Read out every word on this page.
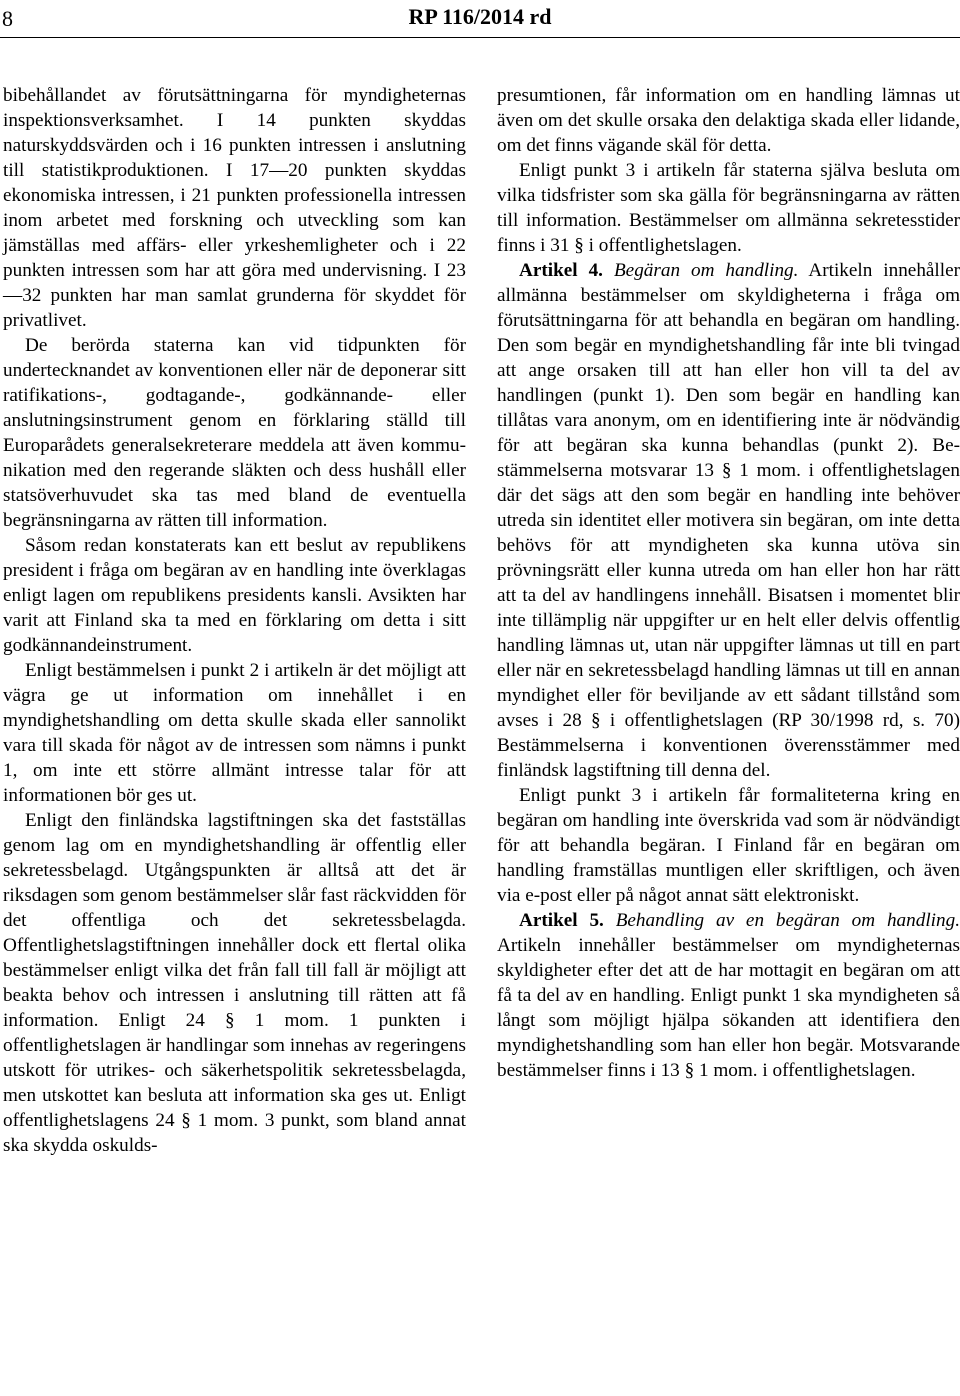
8	RP 116/2014 rd

bibehållandet av förutsättningarna för myndigheternas inspektionsverksamhet. I 14 punkten skyddas naturskyddsvärden och i 16 punkten intressen i anslutning till statistikproduktionen. I 17—20 punkten skyddas ekonomiska intressen, i 21 punkten professionella intressen inom arbetet med forskning och utveckling som kan jämställas med affärs- eller yrkeshemligheter och i 22 punkten intressen som har att göra med undervisning. I 23—32 punkten har man samlat grunderna för skyddet för privatlivet.

De berörda staterna kan vid tidpunkten för undertecknandet av konventionen eller när de deponerar sitt ratifikations-, godtagande-, godkännande- eller anslutningsinstrument genom en förklaring ställd till Europarådets generalsekreterare meddela att även kommunikation med den regerande släkten och dess hushåll eller statsöverhuvudet ska tas med bland de eventuella begränsningarna av rätten till information.

Såsom redan konstaterats kan ett beslut av republikens president i fråga om begäran av en handling inte överklagas enligt lagen om republikens presidents kansli. Avsikten har varit att Finland ska ta med en förklaring om detta i sitt godkännandeinstrument.

Enligt bestämmelsen i punkt 2 i artikeln är det möjligt att vägra ge ut information om innehållet i en myndighetshandling om detta skulle skada eller sannolikt vara till skada för något av de intressen som nämns i punkt 1, om inte ett större allmänt intresse talar för att informationen bör ges ut.

Enligt den finländska lagstiftningen ska det fastställas genom lag om en myndighetshandling är offentlig eller sekretessbelagd. Utgångspunkten är alltså att det är riksdagen som genom bestämmelser slår fast räckvidden för det offentliga och det sekretessbelagda. Offentlighetslagstiftningen innehåller dock ett flertal olika bestämmelser enligt vilka det från fall till fall är möjligt att beakta behov och intressen i anslutning till rätten att få information. Enligt 24 § 1 mom. 1 punkten i offentlighetslagen är handlingar som innehas av regeringens utskott för utrikes- och säkerhetspolitik sekretessbelagda, men utskottet kan besluta att information ska ges ut. Enligt offentlighetslagens 24 § 1 mom. 3 punkt, som bland annat ska skydda oskulds-

presumtionen, får information om en handling lämnas ut även om det skulle orsaka den delaktiga skada eller lidande, om det finns vägande skäl för detta.

Enligt punkt 3 i artikeln får staterna själva besluta om vilka tidsfrister som ska gälla för begränsningarna av rätten till information. Bestämmelser om allmänna sekretesstider finns i 31 § i offentlighetslagen.

Artikel 4. Begäran om handling. Artikeln innehåller allmänna bestämmelser om skyldigheterna i fråga om förutsättningarna för att behandla en begäran om handling. Den som begär en myndighetshandling får inte bli tvingad att ange orsaken till att han eller hon vill ta del av handlingen (punkt 1). Den som begär en handling kan tillåtas vara anonym, om en identifiering inte är nödvändig för att begäran ska kunna behandlas (punkt 2). Bestämmelserna motsvarar 13 § 1 mom. i offentlighetslagen där det sägs att den som begär en handling inte behöver utreda sin identitet eller motivera sin begäran, om inte detta behövs för att myndigheten ska kunna utöva sin prövningsrätt eller kunna utreda om han eller hon har rätt att ta del av handlingens innehåll. Bisatsen i momentet blir inte tillämplig när uppgifter ur en helt eller delvis offentlig handling lämnas ut, utan när uppgifter lämnas ut till en part eller när en sekretessbelagd handling lämnas ut till en annan myndighet eller för beviljande av ett sådant tillstånd som avses i 28 § i offentlighetslagen (RP 30/1998 rd, s. 70) Bestämmelserna i konventionen överensstämmer med finländsk lagstiftning till denna del.

Enligt punkt 3 i artikeln får formaliteterna kring en begäran om handling inte överskrida vad som är nödvändigt för att behandla begäran. I Finland får en begäran om handling framställas muntligen eller skriftligen, och även via e-post eller på något annat sätt elektroniskt.

Artikel 5. Behandling av en begäran om handling. Artikeln innehåller bestämmelser om myndigheternas skyldigheter efter det att de har mottagit en begäran om att få ta del av en handling. Enligt punkt 1 ska myndigheten så långt som möjligt hjälpa sökanden att identifiera den myndighetshandling som han eller hon begär. Motsvarande bestämmelser finns i 13 § 1 mom. i offentlighetslagen.
